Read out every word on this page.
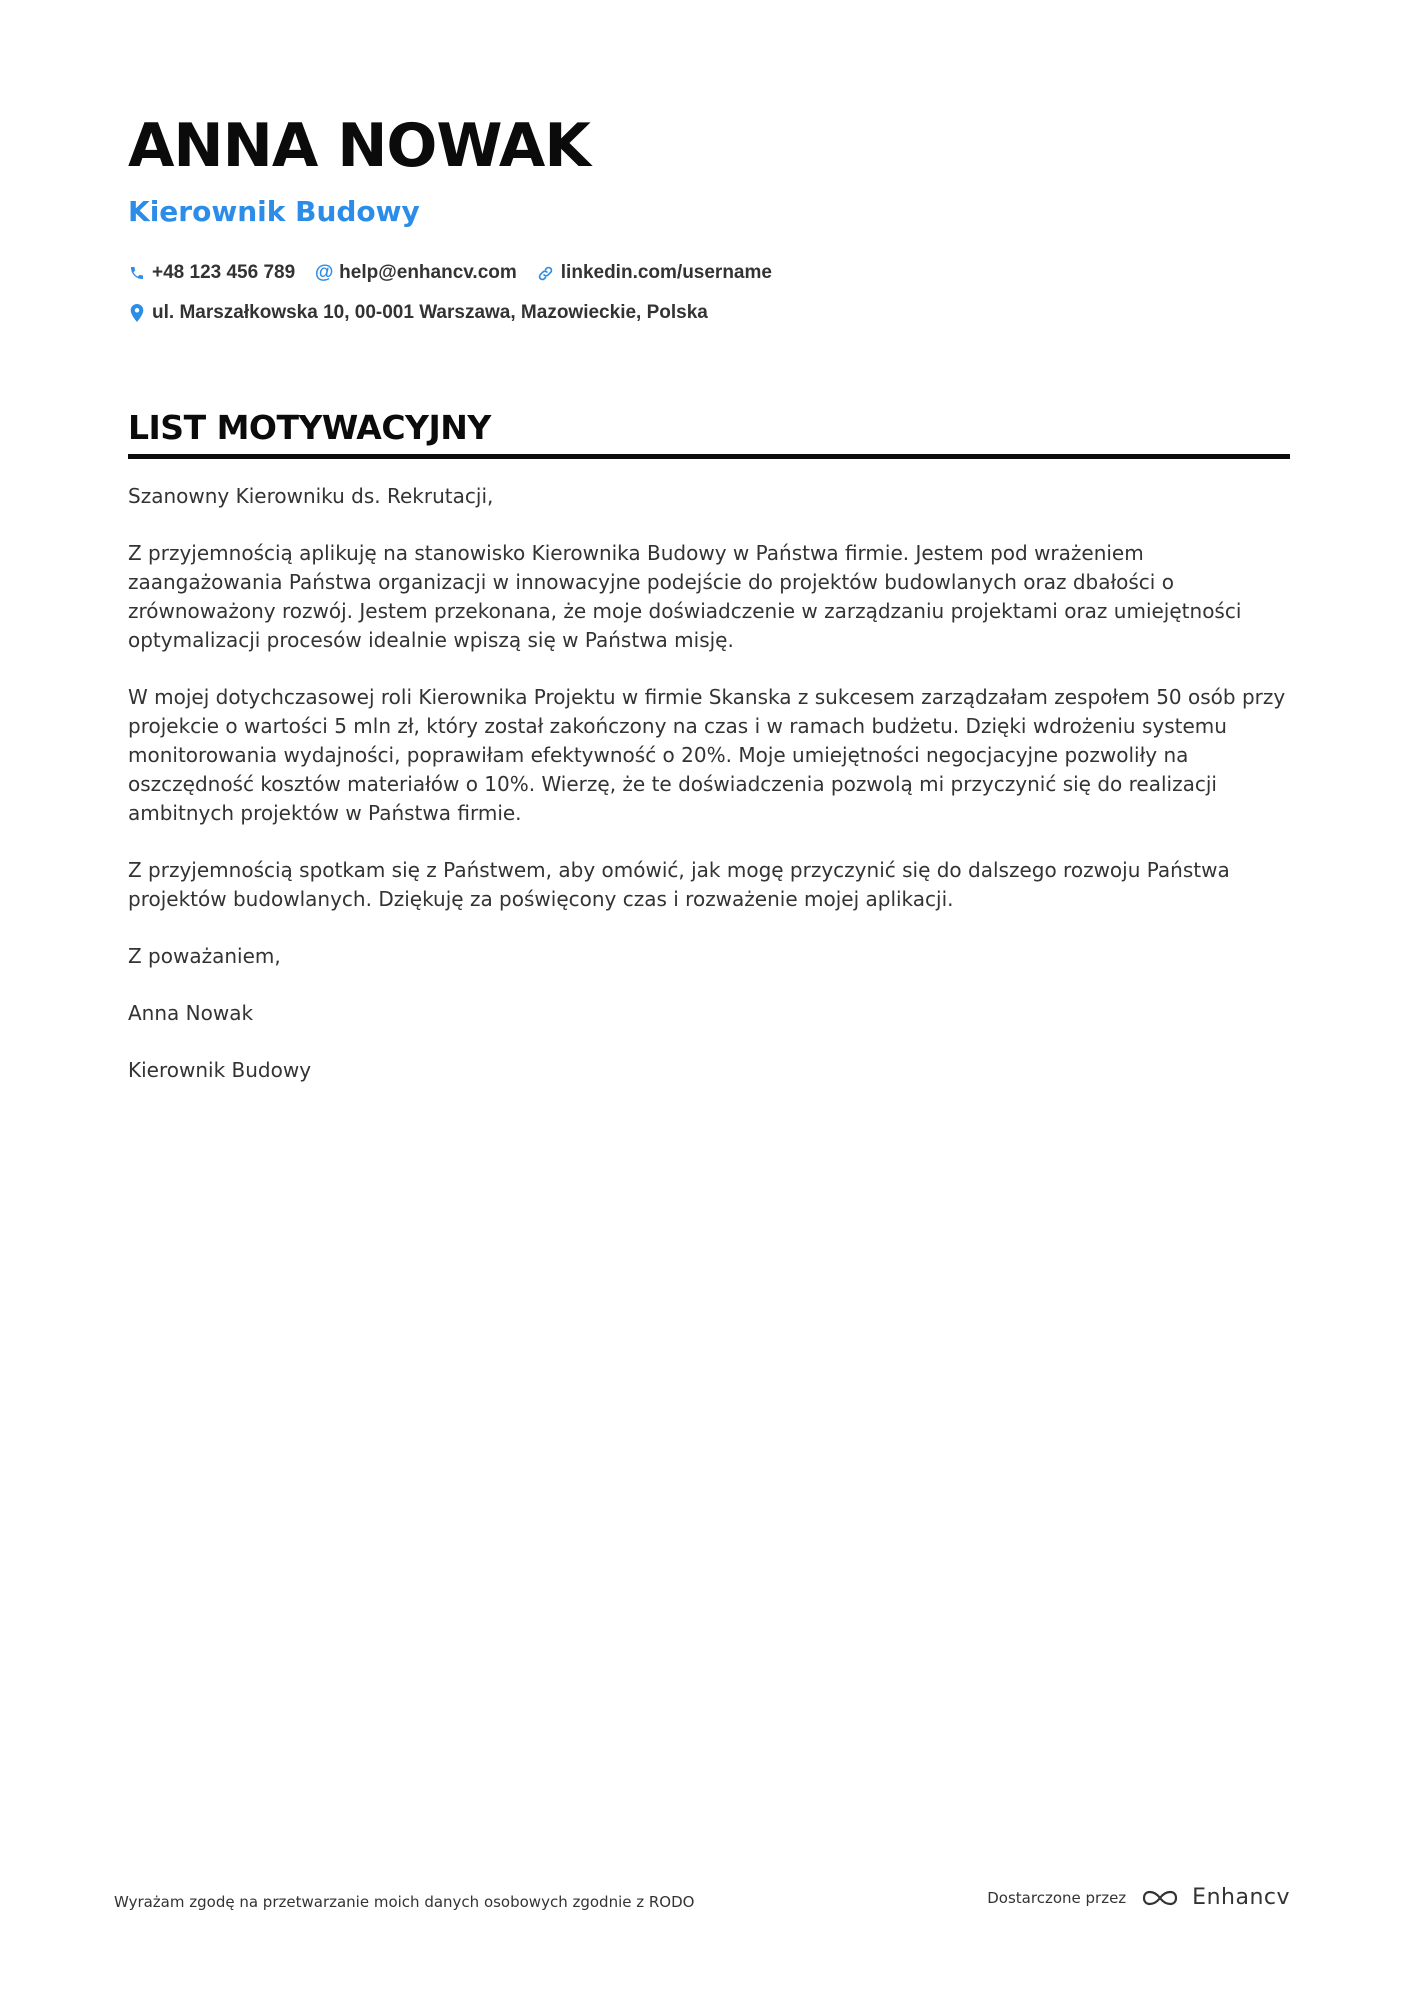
ANNA NOWAK
Kierownik Budowy
+48 123 456 789 @ help@enhancv.com linkedin.com/username
ul. Marszałkowska 10, 00-001 Warszawa, Mazowieckie, Polska
LIST MOTYWACYJNY

Szanowny Kierowniku ds. Rekrutacji,

Z przyjemnością aplikuję na stanowisko Kierownika Budowy w Państwa firmie. Jestem pod wrażeniem zaangażowania Państwa organizacji w innowacyjne podejście do projektów budowlanych oraz dbałości o zrównoważony rozwój. Jestem przekonana, że moje doświadczenie w zarządzaniu projektami oraz umiejętności optymalizacji procesów idealnie wpiszą się w Państwa misję.

W mojej dotychczasowej roli Kierownika Projektu w firmie Skanska z sukcesem zarządzałam zespołem 50 osób przy projekcie o wartości 5 mln zł, który został zakończony na czas i w ramach budżetu. Dzięki wdrożeniu systemu monitorowania wydajności, poprawiłam efektywność o 20%. Moje umiejętności negocjacyjne pozwoliły na oszczędność kosztów materiałów o 10%. Wierzę, że te doświadczenia pozwolą mi przyczynić się do realizacji ambitnych projektów w Państwa firmie.

Z przyjemnością spotkam się z Państwem, aby omówić, jak mogę przyczynić się do dalszego rozwoju Państwa projektów budowlanych. Dziękuję za poświęcony czas i rozważenie mojej aplikacji.

Z poważaniem,

Anna Nowak

Kierownik Budowy

Wyrażam zgodę na przetwarzanie moich danych osobowych zgodnie z RODO	Dostarczone przez	Enhancv
